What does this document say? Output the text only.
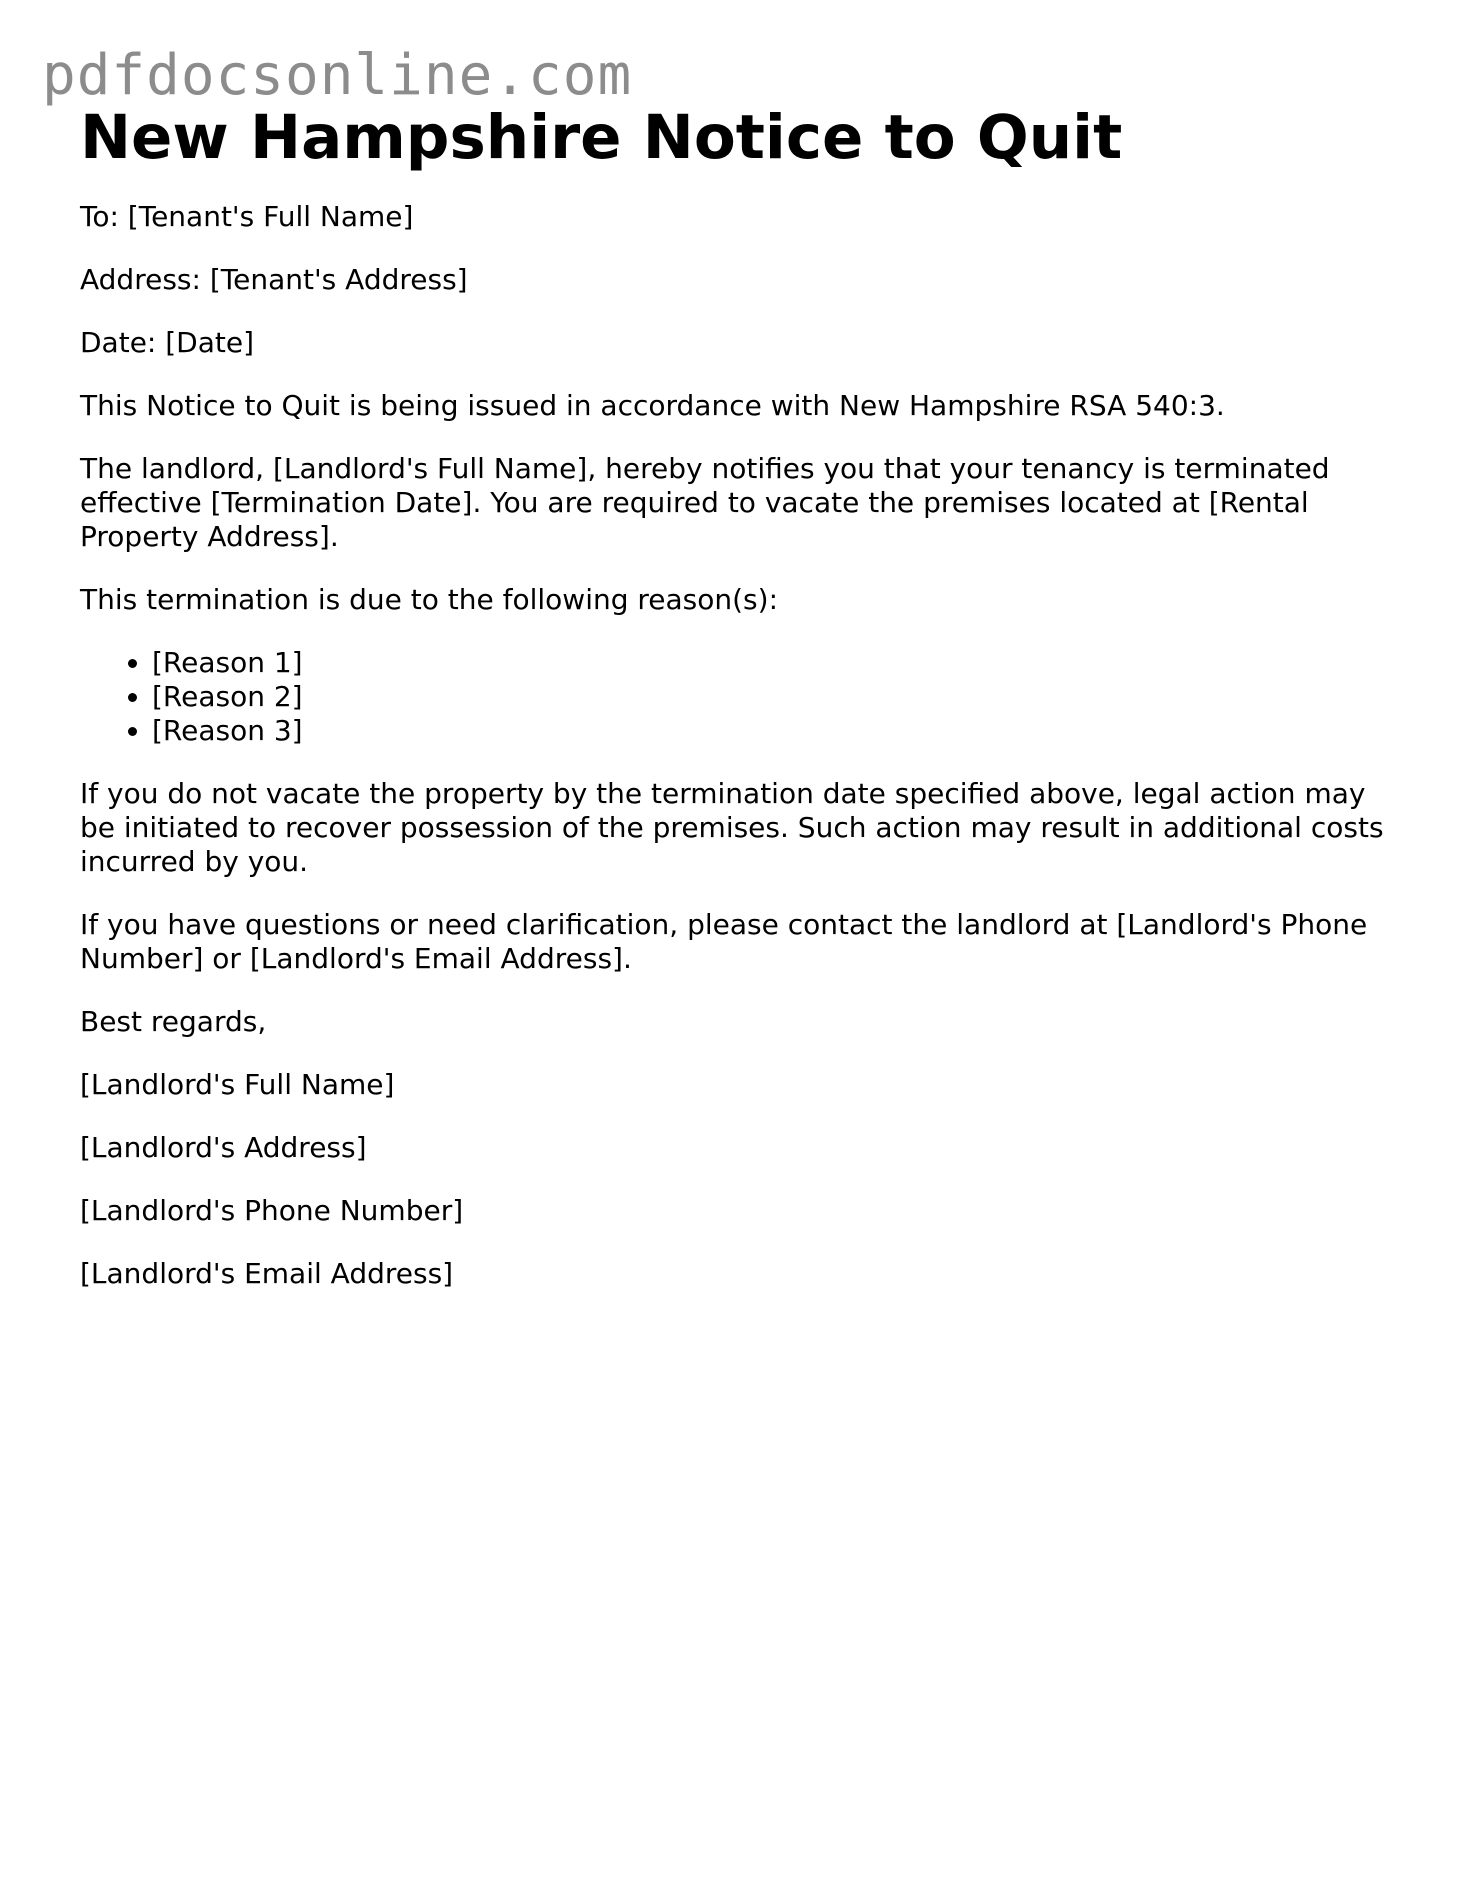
pdfdocsonline.com
New Hampshire Notice to Quit

To: [Tenant's Full Name]

Address: [Tenant's Address]

Date: [Date]

This Notice to Quit is being issued in accordance with New Hampshire RSA 540:3.

The landlord, [Landlord's Full Name], hereby notifies you that your tenancy is terminated effective [Termination Date]. You are required to vacate the premises located at [Rental Property Address].

This termination is due to the following reason(s):

• [Reason 1]
• [Reason 2]
• [Reason 3]

If you do not vacate the property by the termination date specified above, legal action may be initiated to recover possession of the premises. Such action may result in additional costs incurred by you.

If you have questions or need clarification, please contact the landlord at [Landlord's Phone Number] or [Landlord's Email Address].

Best regards,

[Landlord's Full Name]

[Landlord's Address]

[Landlord's Phone Number]

[Landlord's Email Address]
